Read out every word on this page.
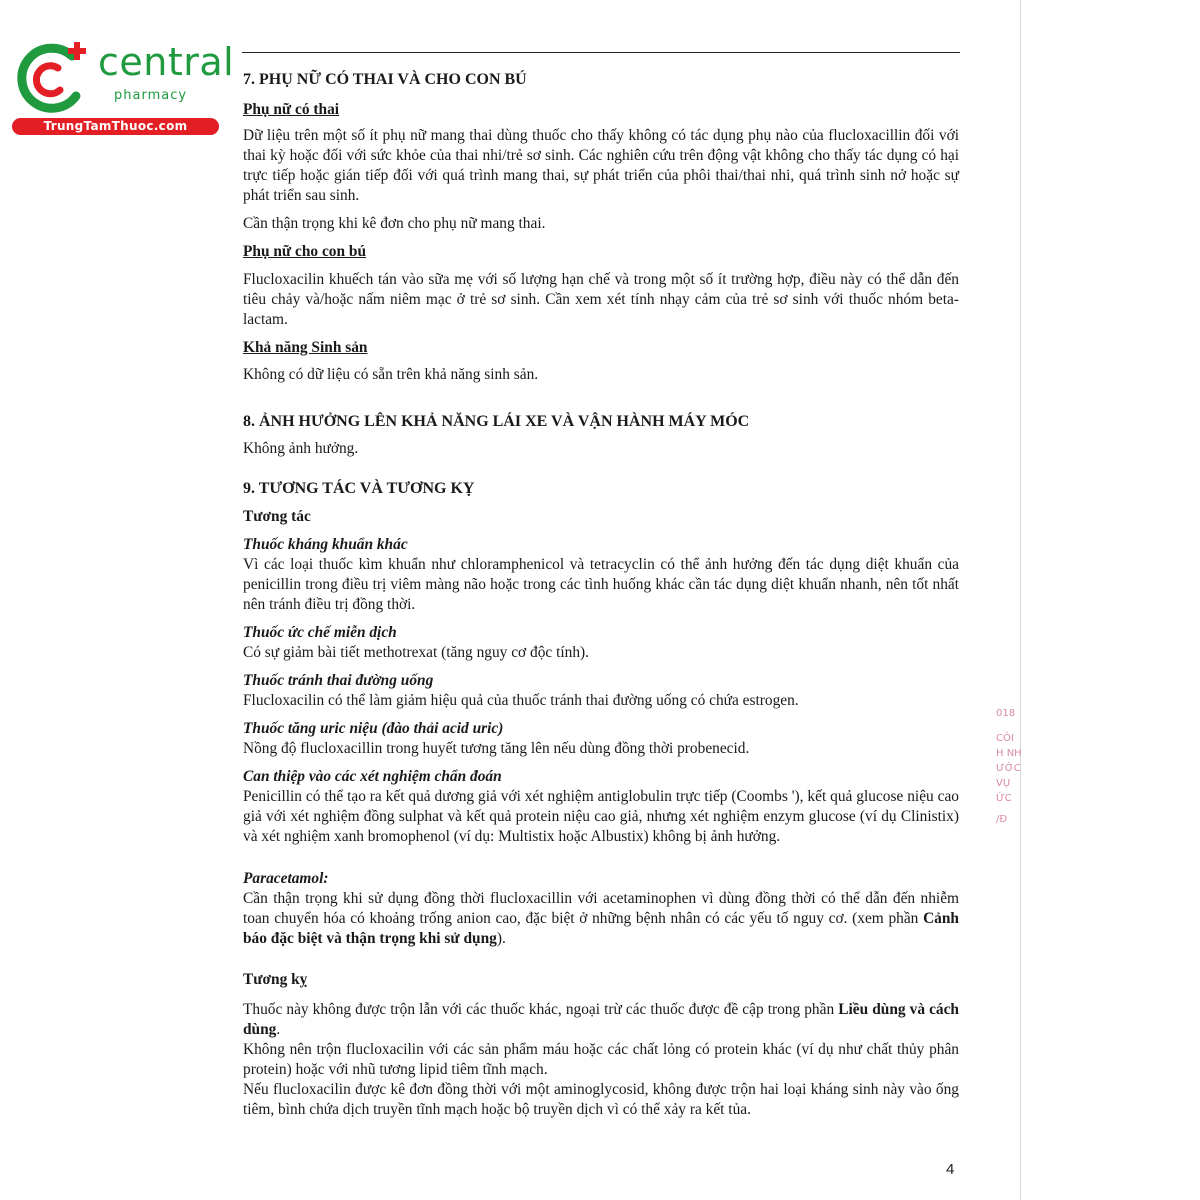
central
pharmacy
TrungTamThuoc.com
018
CÔI
H NH
ƯỚC
VỤ
ỨC
/Đ
7. PHỤ NỮ CÓ THAI VÀ CHO CON BÚ
Phụ nữ có thai

Dữ liệu trên một số ít phụ nữ mang thai dùng thuốc cho thấy không có tác dụng phụ nào của flucloxacillin đối với thai kỳ hoặc đối với sức khỏe của thai nhi/trẻ sơ sinh. Các nghiên cứu trên động vật không cho thấy tác dụng có hại trực tiếp hoặc gián tiếp đối với quá trình mang thai, sự phát triển của phôi thai/thai nhi, quá trình sinh nở hoặc sự phát triển sau sinh.

Cần thận trọng khi kê đơn cho phụ nữ mang thai.

Phụ nữ cho con bú

Flucloxacilin khuếch tán vào sữa mẹ với số lượng hạn chế và trong một số ít trường hợp, điều này có thể dẫn đến tiêu chảy và/hoặc nấm niêm mạc ở trẻ sơ sinh. Cần xem xét tính nhạy cảm của trẻ sơ sinh với thuốc nhóm beta-lactam.

Khả năng Sinh sản

Không có dữ liệu có sẵn trên khả năng sinh sản.

8. ẢNH HƯỞNG LÊN KHẢ NĂNG LÁI XE VÀ VẬN HÀNH MÁY MÓC

Không ảnh hưởng.

9. TƯƠNG TÁC VÀ TƯƠNG KỴ
Tương tác
Thuốc kháng khuẩn khác

Vì các loại thuốc kìm khuẩn như chloramphenicol và tetracyclin có thể ảnh hưởng đến tác dụng diệt khuẩn của penicillin trong điều trị viêm màng não hoặc trong các tình huống khác cần tác dụng diệt khuẩn nhanh, nên tốt nhất nên tránh điều trị đồng thời.

Thuốc ức chế miễn dịch

Có sự giảm bài tiết methotrexat (tăng nguy cơ độc tính).

Thuốc tránh thai đường uống

Flucloxacilin có thể làm giảm hiệu quả của thuốc tránh thai đường uống có chứa estrogen.

Thuốc tăng uric niệu (đào thải acid uric)

Nồng độ flucloxacillin trong huyết tương tăng lên nếu dùng đồng thời probenecid.

Can thiệp vào các xét nghiệm chẩn đoán

Penicillin có thể tạo ra kết quả dương giả với xét nghiệm antiglobulin trực tiếp (Coombs '), kết quả glucose niệu cao giả với xét nghiệm đồng sulphat và kết quả protein niệu cao giả, nhưng xét nghiệm enzym glucose (ví dụ Clinistix) và xét nghiệm xanh bromophenol (ví dụ: Multistix hoặc Albustix) không bị ảnh hưởng.

Paracetamol:

Cần thận trọng khi sử dụng đồng thời flucloxacillin với acetaminophen vì dùng đồng thời có thể dẫn đến nhiễm toan chuyển hóa có khoảng trống anion cao, đặc biệt ở những bệnh nhân có các yếu tố nguy cơ. (xem phần Cảnh báo đặc biệt và thận trọng khi sử dụng).

Tương kỵ

Thuốc này không được trộn lẫn với các thuốc khác, ngoại trừ các thuốc được đề cập trong phần Liều dùng và cách dùng.

Không nên trộn flucloxacilin với các sản phẩm máu hoặc các chất lỏng có protein khác (ví dụ như chất thủy phân protein) hoặc với nhũ tương lipid tiêm tĩnh mạch.

Nếu flucloxacilin được kê đơn đồng thời với một aminoglycosid, không được trộn hai loại kháng sinh này vào ống tiêm, bình chứa dịch truyền tĩnh mạch hoặc bộ truyền dịch vì có thể xảy ra kết tủa.

4
